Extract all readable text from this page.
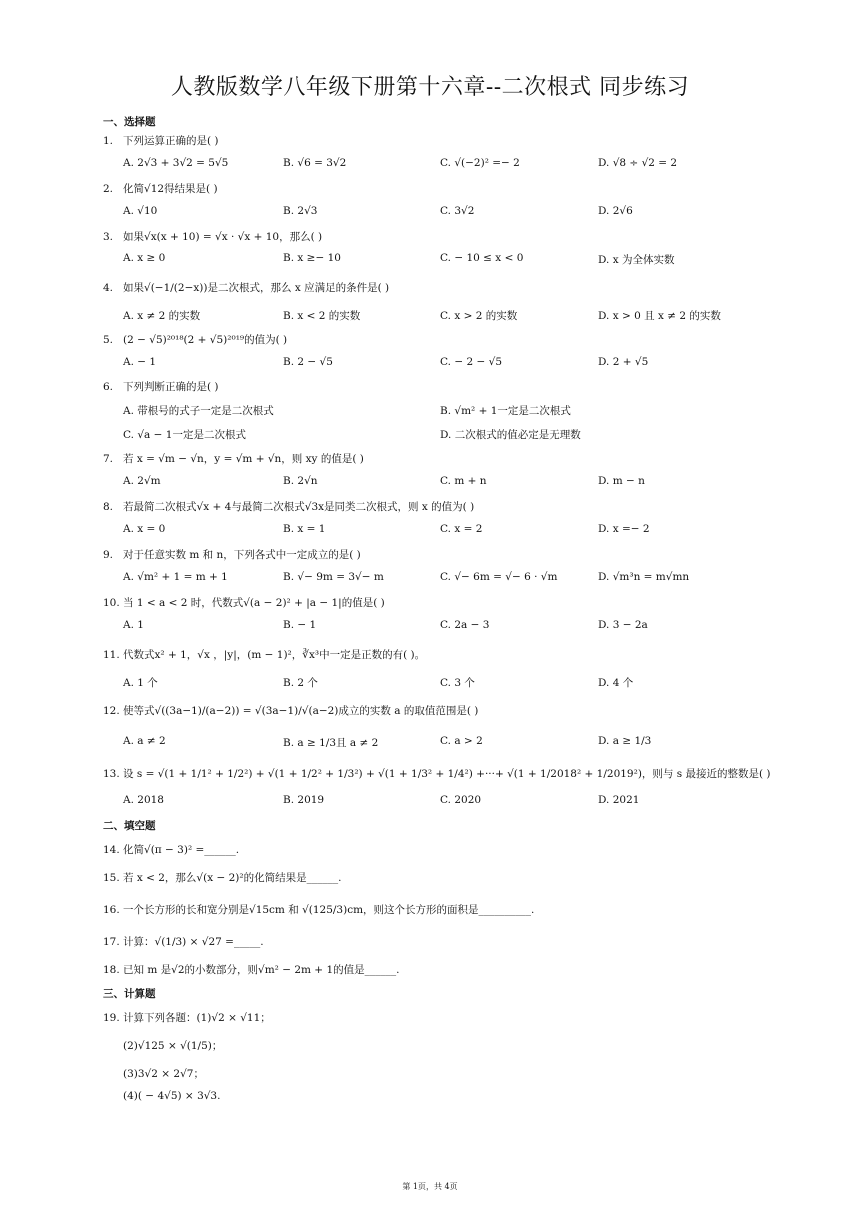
人教版数学八年级下册第十六章--二次根式 同步练习
一、选择题
1. 下列运算正确的是( )
A. 2√3 + 3√2 = 5√5	B. √6 = 3√2	C. √(−2)² =− 2	D. √8 ÷ √2 = 2
2. 化简√12得结果是( )
A. √10	B. 2√3	C. 3√2	D. 2√6
3. 如果√x(x + 10) = √x · √x + 10，那么( )
A. x ≥ 0	B. x ≥− 10	C. − 10 ≤ x < 0	D. x 为全体实数
4. 如果√(−1/(2−x))是二次根式，那么 x 应满足的条件是( )
A. x ≠ 2 的实数	B. x < 2 的实数	C. x > 2 的实数	D. x > 0 且 x ≠ 2 的实数
5. (2 − √5)²⁰¹⁸(2 + √5)²⁰¹⁹的值为( )
A. − 1	B. 2 − √5	C. − 2 − √5	D. 2 + √5
6. 下列判断正确的是( )
A. 带根号的式子一定是二次根式	B. √m² + 1一定是二次根式
C. √a − 1一定是二次根式	D. 二次根式的值必定是无理数
7. 若 x = √m − √n，y = √m + √n，则 xy 的值是( )
A. 2√m	B. 2√n	C. m + n	D. m − n
8. 若最简二次根式√x + 4与最简二次根式√3x是同类二次根式，则 x 的值为( )
A. x = 0	B. x = 1	C. x = 2	D. x =− 2
9. 对于任意实数 m 和 n，下列各式中一定成立的是( )
A. √m² + 1 = m + 1	B. √− 9m = 3√− m	C. √− 6m = √− 6 · √m	D. √m³n = m√mn
10. 当 1 < a < 2 时，代数式√(a − 2)² + |a − 1|的值是( )
A. 1	B. − 1	C. 2a − 3	D. 3 − 2a
11. 代数式x² + 1，√x ，|y|，(m − 1)²，∛x³中一定是正数的有( )。
A. 1 个	B. 2 个	C. 3 个	D. 4 个
12. 使等式√((3a−1)/(a−2)) = √(3a−1)/√(a−2)成立的实数 a 的取值范围是( )
A. a ≠ 2	B. a ≥ 1/3且 a ≠ 2	C. a > 2	D. a ≥ 1/3
13. 设 s = √(1 + 1/1² + 1/2²) + √(1 + 1/2² + 1/3²) + √(1 + 1/3² + 1/4²) +···+ √(1 + 1/2018² + 1/2019²)，则与 s 最接近的整数是( )
A. 2018	B. 2019	C. 2020	D. 2021
二、填空题
14. 化简√(π − 3)² =______.
15. 若 x < 2，那么√(x − 2)²的化简结果是______.
16. 一个长方形的长和宽分别是√15cm 和 √(125/3)cm，则这个长方形的面积是__________.
17. 计算：√(1/3) × √27 =_____.
18. 已知 m 是√2的小数部分，则√m² − 2m + 1的值是______.
三、计算题
19. 计算下列各题：(1)√2 × √11；
(2)√125 × √(1/5)；
(3)3√2 × 2√7；
(4)( − 4√5) × 3√3.
第 1页，共 4页
